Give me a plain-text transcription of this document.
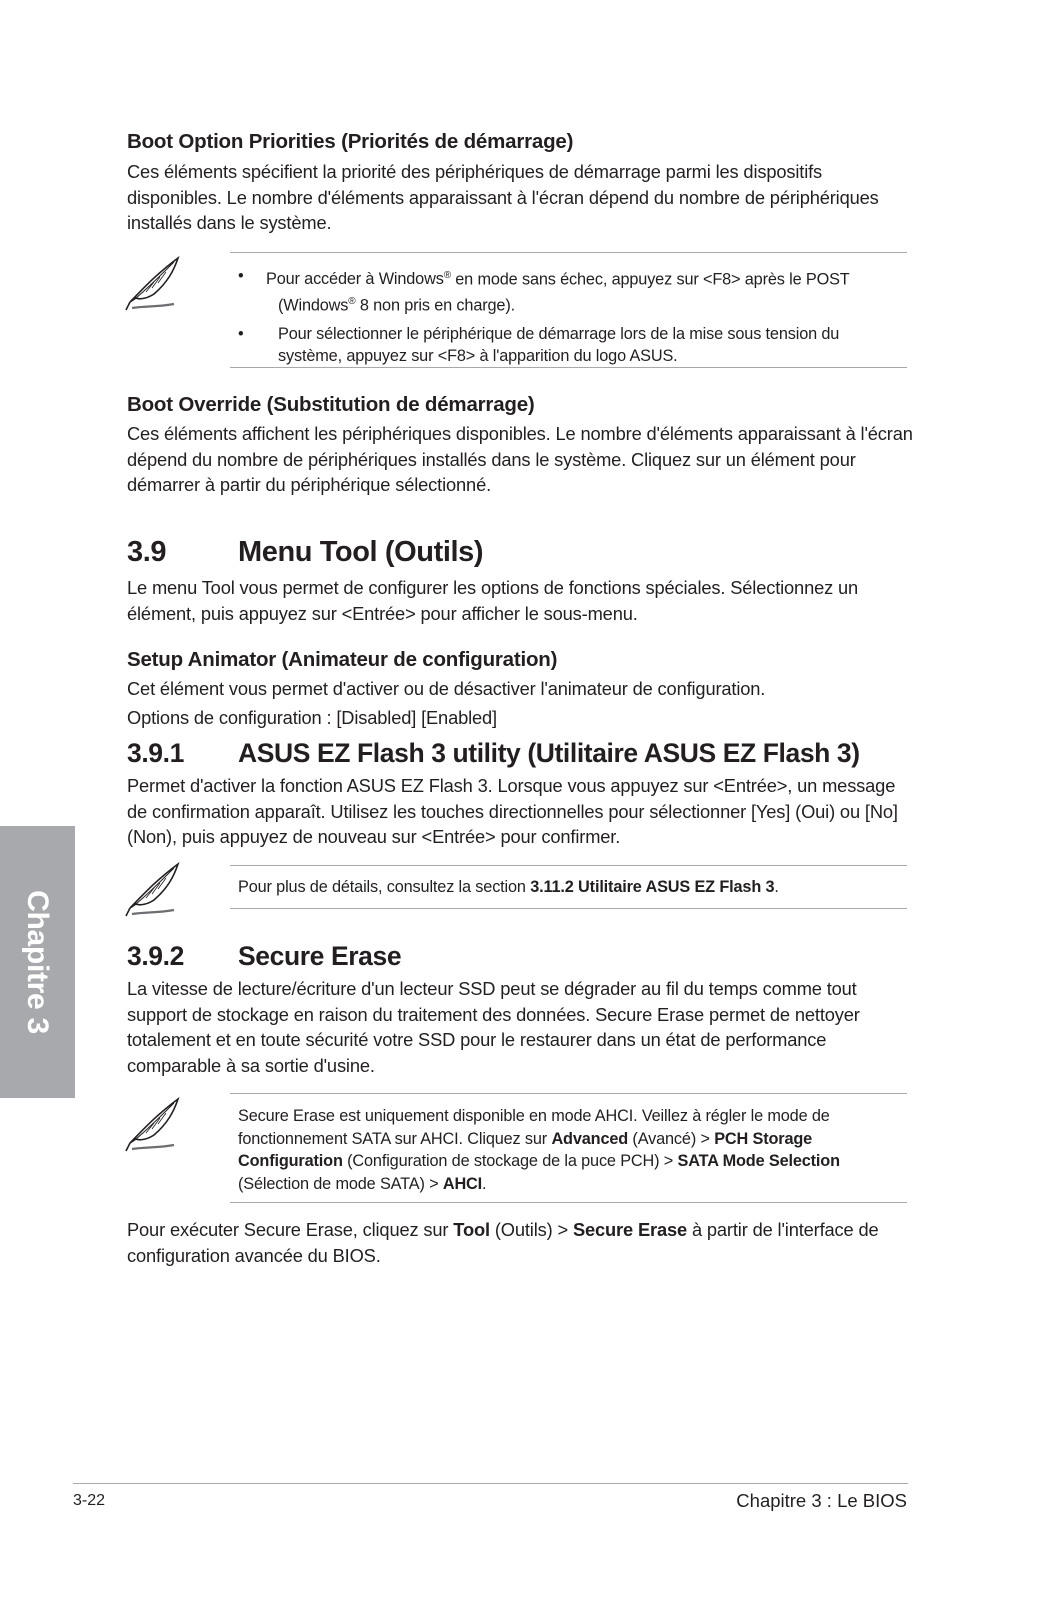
Boot Option Priorities (Priorités de démarrage)
Ces éléments spécifient la priorité des périphériques de démarrage parmi les dispositifs disponibles. Le nombre d'éléments apparaissant à l'écran dépend du nombre de périphériques installés dans le système.
• Pour accéder à Windows® en mode sans échec, appuyez sur <F8> après le POST
(Windows® 8 non pris en charge).
• Pour sélectionner le périphérique de démarrage lors de la mise sous tension du système, appuyez sur <F8> à l'apparition du logo ASUS.
Boot Override (Substitution de démarrage)
Ces éléments affichent les périphériques disponibles. Le nombre d'éléments apparaissant à l'écran dépend du nombre de périphériques installés dans le système. Cliquez sur un élément pour démarrer à partir du périphérique sélectionné.
3.9 Menu Tool (Outils)
Le menu Tool vous permet de configurer les options de fonctions spéciales. Sélectionnez un élément, puis appuyez sur <Entrée> pour afficher le sous-menu.
Setup Animator (Animateur de configuration)
Cet élément vous permet d'activer ou de désactiver l'animateur de configuration.
Options de configuration : [Disabled] [Enabled]
3.9.1 ASUS EZ Flash 3 utility (Utilitaire ASUS EZ Flash 3)
Permet d'activer la fonction ASUS EZ Flash 3. Lorsque vous appuyez sur <Entrée>, un message de confirmation apparaît. Utilisez les touches directionnelles pour sélectionner [Yes] (Oui) ou [No] (Non), puis appuyez de nouveau sur <Entrée> pour confirmer.
Pour plus de détails, consultez la section 3.11.2 Utilitaire ASUS EZ Flash 3.
3.9.2 Secure Erase
La vitesse de lecture/écriture d'un lecteur SSD peut se dégrader au fil du temps comme tout support de stockage en raison du traitement des données. Secure Erase permet de nettoyer totalement et en toute sécurité votre SSD pour le restaurer dans un état de performance comparable à sa sortie d'usine.
Secure Erase est uniquement disponible en mode AHCI. Veillez à régler le mode de fonctionnement SATA sur AHCI. Cliquez sur Advanced (Avancé) > PCH Storage Configuration (Configuration de stockage de la puce PCH) > SATA Mode Selection (Sélection de mode SATA) > AHCI.
Pour exécuter Secure Erase, cliquez sur Tool (Outils) > Secure Erase à partir de l'interface de configuration avancée du BIOS.
Chapitre 3
3-22	Chapitre 3 : Le BIOS
